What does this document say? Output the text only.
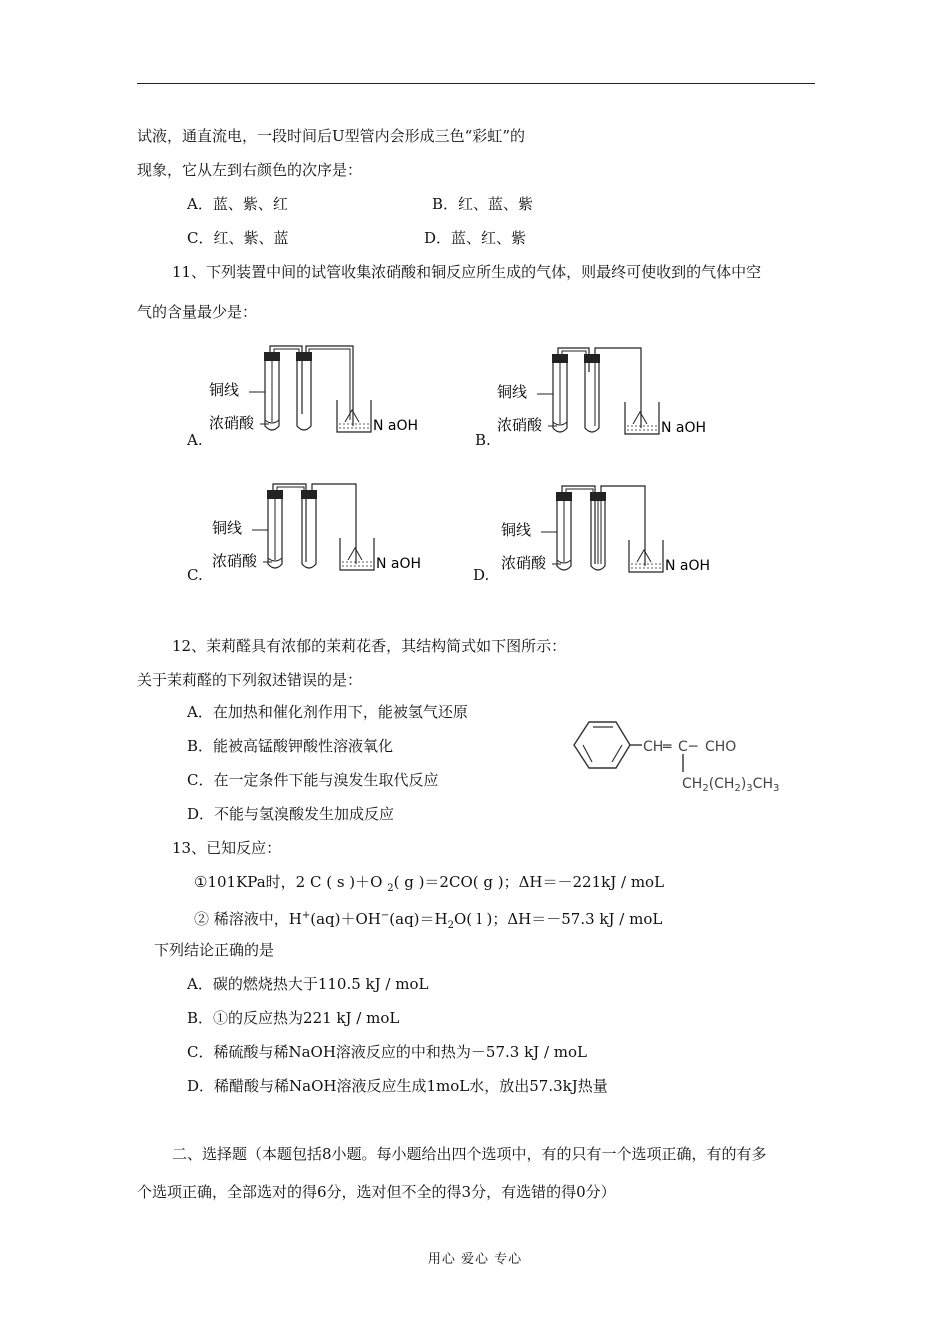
试液，通直流电，一段时间后U型管内会形成三色“彩虹”的
现象，它从左到右颜色的次序是：
A．蓝、紫、红	B．红、蓝、紫
C．红、紫、蓝	D．蓝、红、紫
11、下列装置中间的试管收集浓硝酸和铜反应所生成的气体，则最终可使收到的气体中空
气的含量最少是：
A.
铜线
浓硝酸	N aOH
B.
铜线
浓硝酸	N aOH
C.
铜线
浓硝酸	N aOH
D.
铜线
浓硝酸	N aOH
12、茉莉醛具有浓郁的茉莉花香，其结构简式如下图所示：
关于茉莉醛的下列叙述错误的是：
A．在加热和催化剂作用下，能被氢气还原
B．能被高锰酸钾酸性溶液氧化
C．在一定条件下能与溴发生取代反应
D．不能与氢溴酸发生加成反应
CH ═ C ─ CHO
$CH_2(CH_2)_3CH_3$
13、已知反应：
①101KPa时，2 C ( s )＋O $_2$( g )＝2CO( g )；ΔH＝－221kJ / moL
② 稀溶液中，$H^+(aq)+OH^-(aq)=H_2O$( l )；ΔH＝－57.3 kJ / moL
下列结论正确的是
A．碳的燃烧热大于110.5 kJ / moL
B．①的反应热为221 kJ / moL
C．稀硫酸与稀NaOH溶液反应的中和热为－57.3 kJ / moL
D．稀醋酸与稀NaOH溶液反应生成1moL水，放出57.3kJ热量
二、选择题（本题包括8小题。每小题给出四个选项中，有的只有一个选项正确，有的有多
个选项正确，全部选对的得6分，选对但不全的得3分，有选错的得0分）
用心 爱心 专心
